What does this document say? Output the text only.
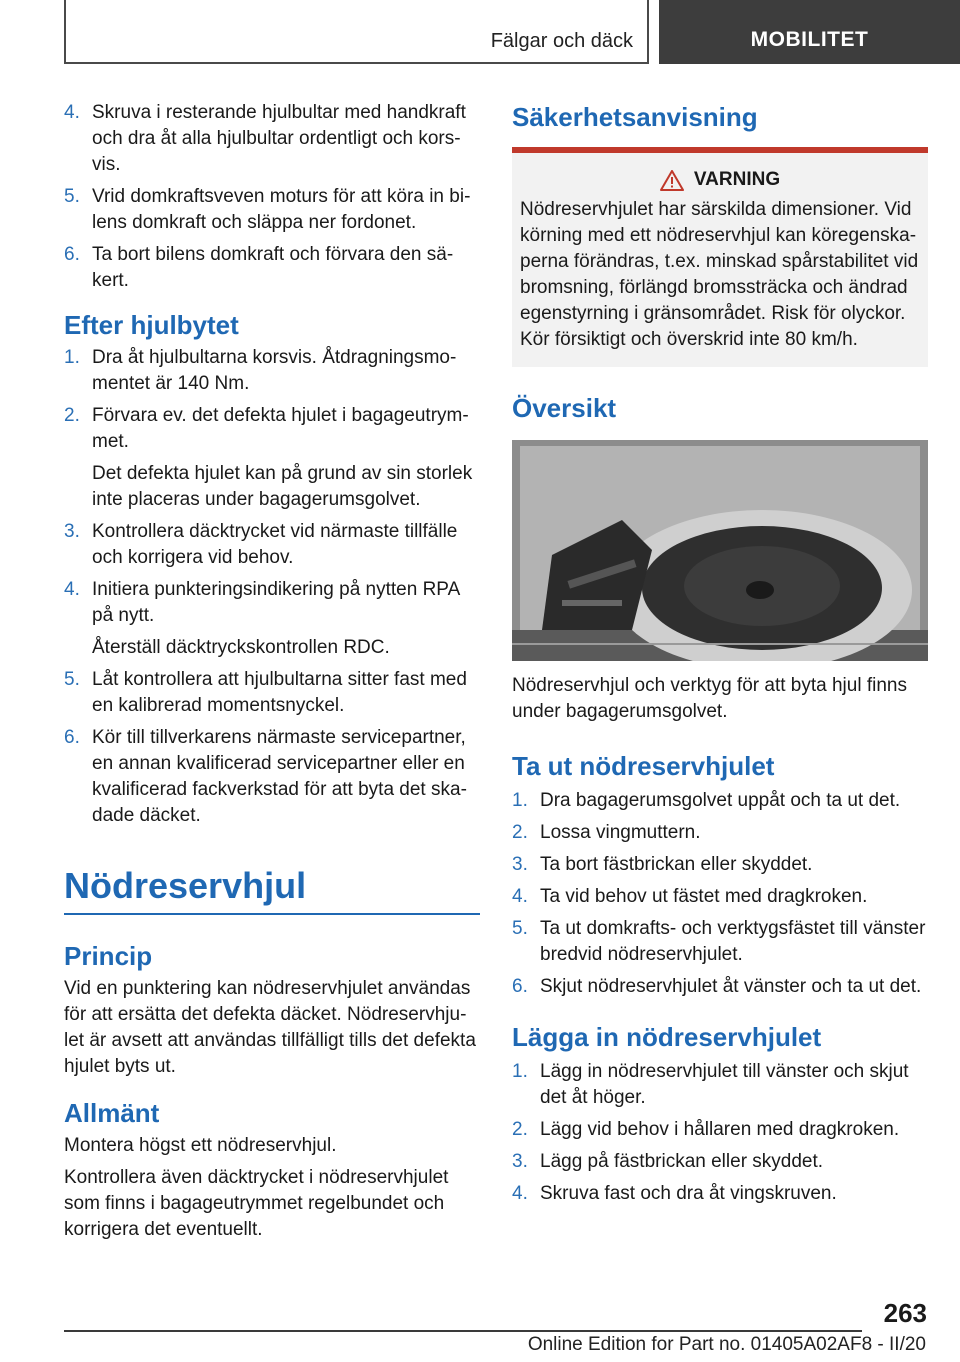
Fälgar och däck	MOBILITET
4. Skruva i resterande hjulbultar med handkraft och dra åt alla hjulbultar ordentligt och korsvis.
5. Vrid domkraftsveven moturs för att köra in bilens domkraft och släppa ner fordonet.
6. Ta bort bilens domkraft och förvara den säkert.
Efter hjulbytet
1. Dra åt hjulbultarna korsvis. Åtdragningsmomentet är 140 Nm.
2. Förvara ev. det defekta hjulet i bagageutrymmet.
Det defekta hjulet kan på grund av sin storlek inte placeras under bagagerumsgolvet.
3. Kontrollera däcktrycket vid närmaste tillfälle och korrigera vid behov.
4. Initiera punkteringsindikering på nytten RPA på nytt.
Återställ däcktryckskontrollen RDC.
5. Låt kontrollera att hjulbultarna sitter fast med en kalibrerad momentsnyckel.
6. Kör till tillverkarens närmaste servicepartner, en annan kvalificerad servicepartner eller en kvalificerad fackverkstad för att byta det skadade däcket.
Nödreservhjul
Princip

Vid en punktering kan nödreservhjulet användas för att ersätta det defekta däcket. Nödreservhjulet är avsett att användas tillfälligt tills det defekta hjulet byts ut.

Allmänt

Montera högst ett nödreservhjul.

Kontrollera även däcktrycket i nödreservhjulet som finns i bagageutrymmet regelbundet och korrigera det eventuellt.

Säkerhetsanvisning
VARNING
Nödreservhjulet har särskilda dimensioner. Vid körning med ett nödreservhjul kan köregenskaperna förändras, t.ex. minskad spårstabilitet vid bromsning, förlängd bromssträcka och ändrad egenstyrning i gränsområdet. Risk för olyckor. Kör försiktigt och överskrid inte 80 km/h.
Översikt
Nödreservhjul och verktyg för att byta hjul finns under bagagerumsgolvet.
Ta ut nödreservhjulet
1. Dra bagagerumsgolvet uppåt och ta ut det.
2. Lossa vingmuttern.
3. Ta bort fästbrickan eller skyddet.
4. Ta vid behov ut fästet med dragkroken.
5. Ta ut domkrafts- och verktygsfästet till vänster bredvid nödreservhjulet.
6. Skjut nödreservhjulet åt vänster och ta ut det.
Lägga in nödreservhjulet
1. Lägg in nödreservhjulet till vänster och skjut det åt höger.
2. Lägg vid behov i hållaren med dragkroken.
3. Lägg på fästbrickan eller skyddet.
4. Skruva fast och dra åt vingskruven.
263
Online Edition for Part no. 01405A02AF8 - II/20
